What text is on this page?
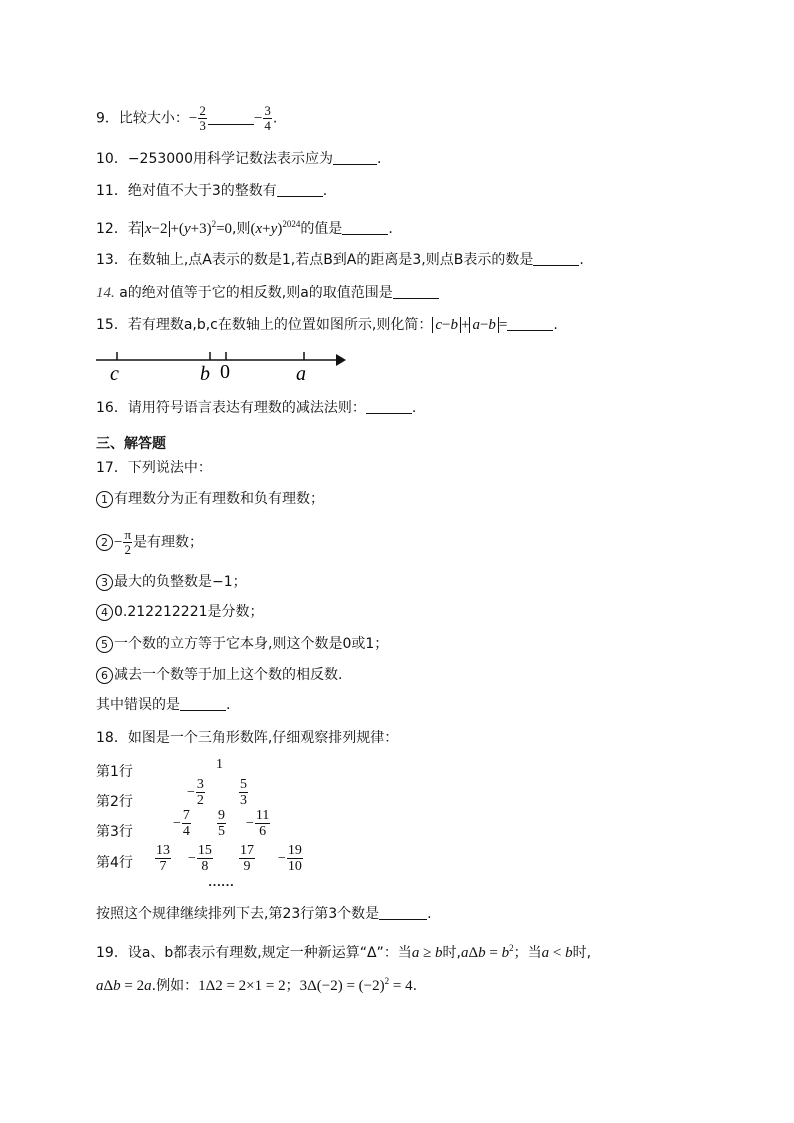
9．比较大小：− $\frac{2}{3}$	− $\frac{3}{4}$ .
10．−253000用科学记数法表示应为	.
11．绝对值不大于3的整数有	.
12．若 $x-2 +(y+3)^2=0$,则$(x+y)^{2024}$的值是	.
13．在数轴上,点A表示的数是1,若点B到A的距离是3,则点B表示的数是	.
14. a的绝对值等于它的相反数,则a的取值范围是
15．若有理数a,b,c在数轴上的位置如图所示,则化简： c−b + a−b =	.
c	b 0	a
16．请用符号语言表达有理数的减法法则：	.
三、解答题
17．下列说法中：
1 有理数分为正有理数和负有理数；
$2 - \frac{\pi}{2}$ 是有理数；
3 最大的负整数是−1；
4 0.212212221是分数；
5 一个数的立方等于它本身,则这个数是0或1；
6 减去一个数等于加上这个数的相反数.
其中错误的是	.
18．如图是一个三角形数阵,仔细观察排列规律：
第1行
第2行
第3行
第4行
1
− $\frac{3}{2} \frac{5}{3}$
− $\frac{7}{4} \frac{9}{5} - \frac{11}{6}$
$\frac{13}{7} - \frac{15}{8} \frac{17}{9} - \frac{19}{10}$
……
按照这个规律继续排列下去,第23行第3个数是	.
19．设a、b都表示有理数,规定一种新运算“Δ”：当a ≥ b时$,a\Delta b = b^2$；当a < b时,
aΔb = 2a.例如：1Δ2 = 2×1 = 2；$3\Delta(-2) = (-2)^2 = 4$.
